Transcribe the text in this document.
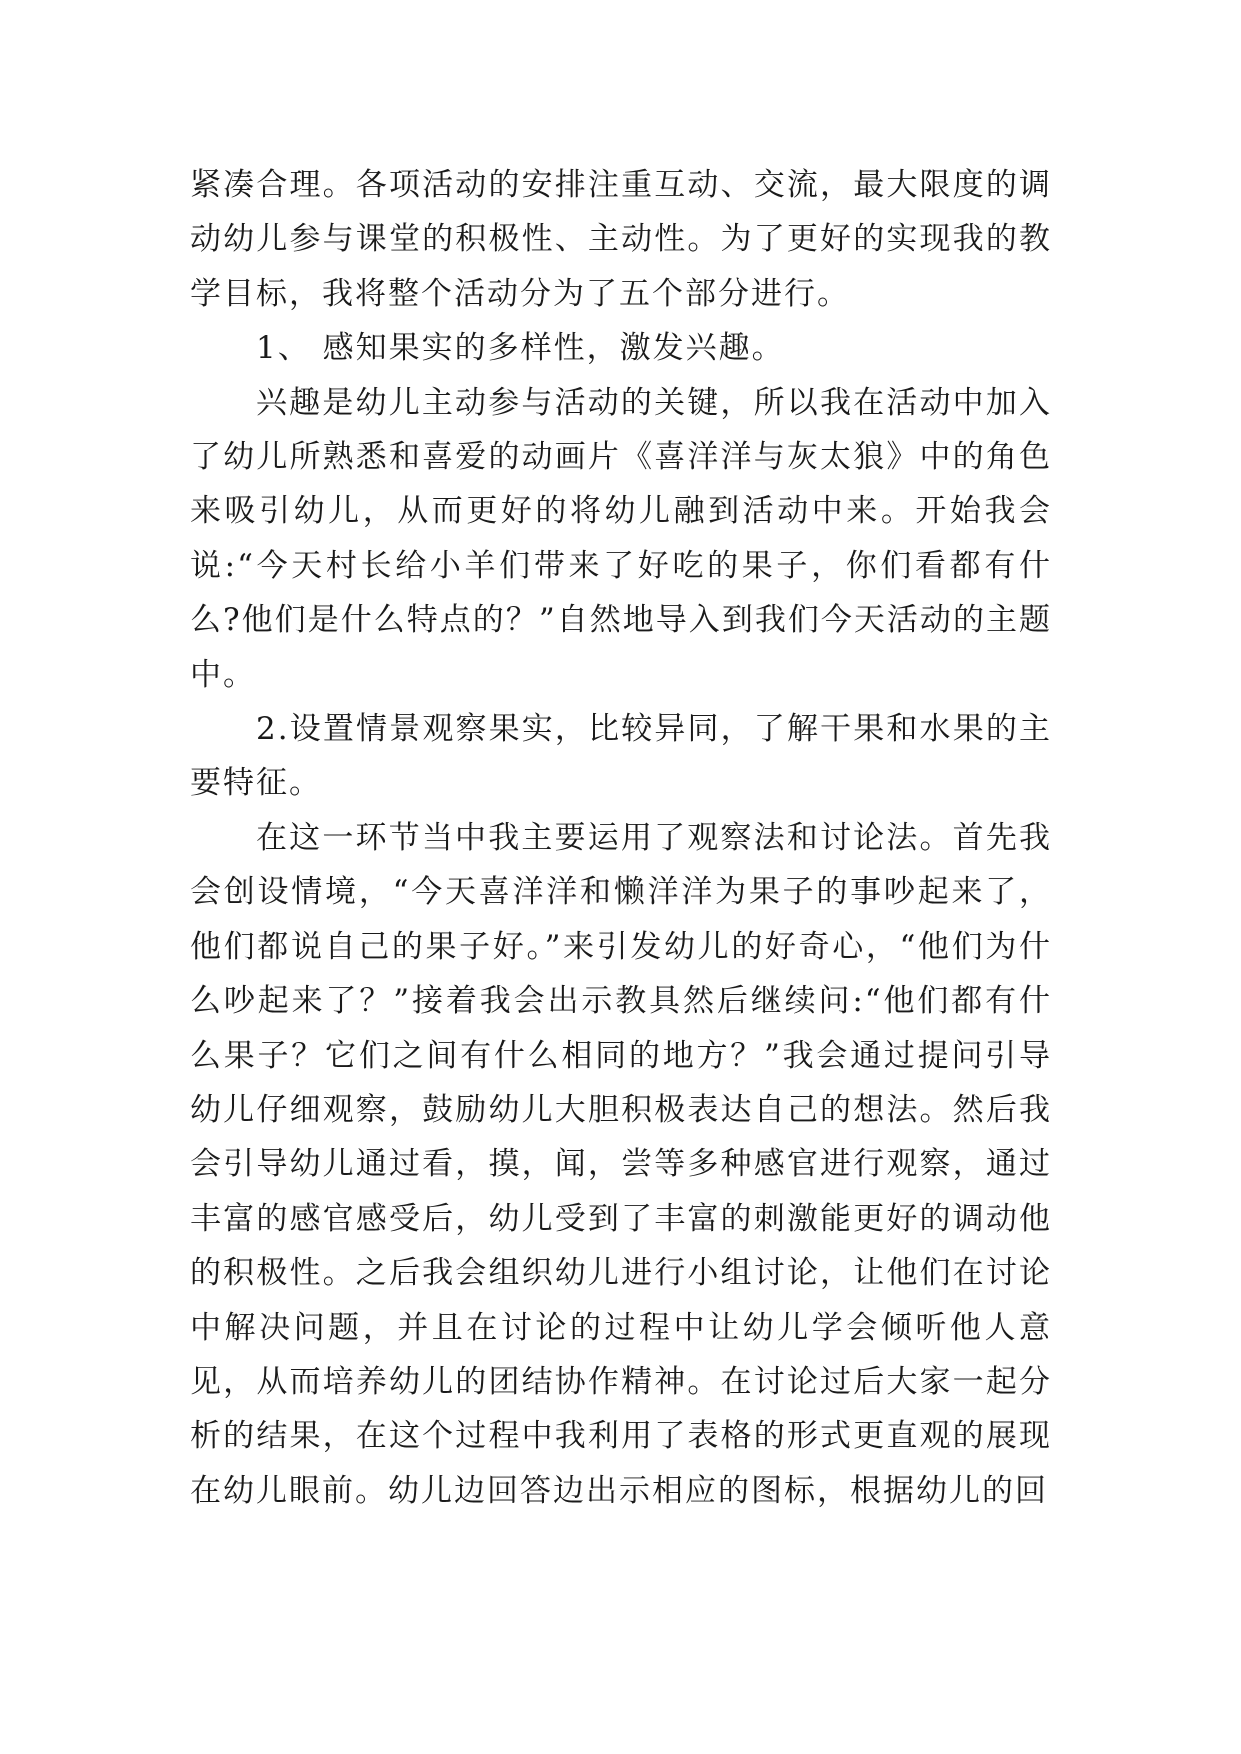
紧凑合理。各项活动的安排注重互动、交流，最大限度的调动幼儿参与课堂的积极性、主动性。为了更好的实现我的教学目标，我将整个活动分为了五个部分进行。

1、 感知果实的多样性，激发兴趣。

兴趣是幼儿主动参与活动的关键，所以我在活动中加入了幼儿所熟悉和喜爱的动画片《喜洋洋与灰太狼》中的角色来吸引幼儿，从而更好的将幼儿融到活动中来。开始我会说:“今天村长给小羊们带来了好吃的果子，你们看都有什么?他们是什么特点的？”自然地导入到我们今天活动的主题中。

2.设置情景观察果实，比较异同，了解干果和水果的主要特征。

在这一环节当中我主要运用了观察法和讨论法。首先我会创设情境，“今天喜洋洋和懒洋洋为果子的事吵起来了，他们都说自己的果子好。”来引发幼儿的好奇心，“他们为什么吵起来了？”接着我会出示教具然后继续问:“他们都有什么果子？它们之间有什么相同的地方？”我会通过提问引导幼儿仔细观察，鼓励幼儿大胆积极表达自己的想法。然后我会引导幼儿通过看，摸，闻，尝等多种感官进行观察，通过丰富的感官感受后，幼儿受到了丰富的刺激能更好的调动他的积极性。之后我会组织幼儿进行小组讨论，让他们在讨论中解决问题，并且在讨论的过程中让幼儿学会倾听他人意见，从而培养幼儿的团结协作精神。在讨论过后大家一起分析的结果，在这个过程中我利用了表格的形式更直观的展现在幼儿眼前。幼儿边回答边出示相应的图标，根据幼儿的回
